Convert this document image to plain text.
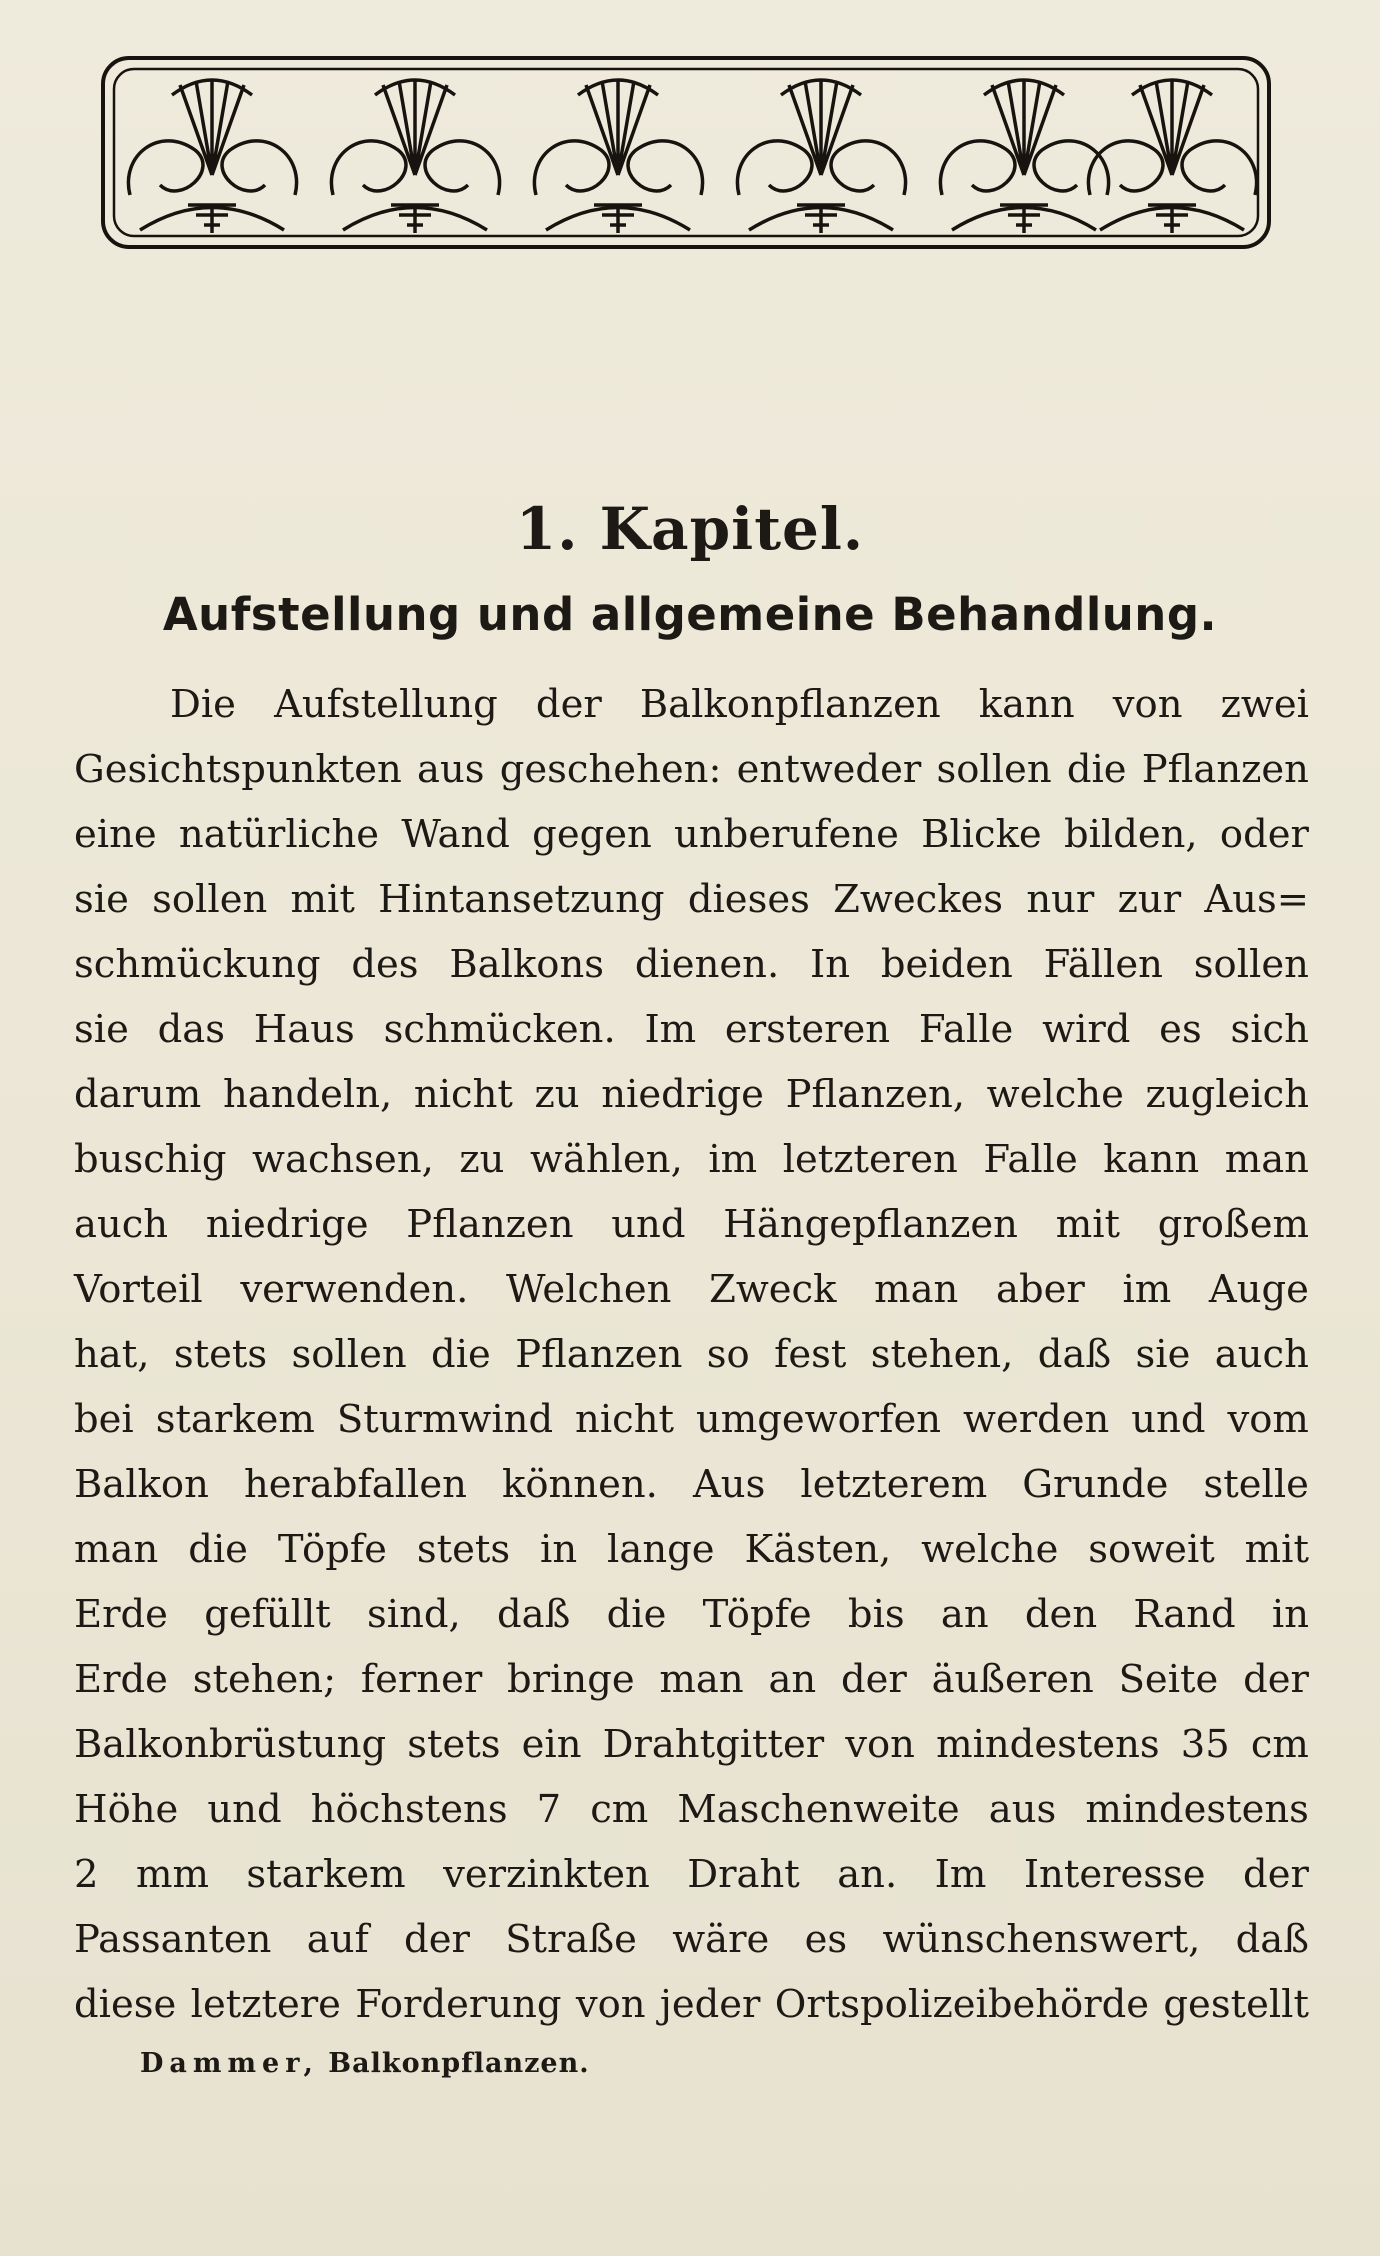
1. Kapitel.
Aufstellung und allgemeine Behandlung.
Die Aufstellung der Balkonpflanzen kann von zwei
Gesichtspunkten aus geschehen: entweder sollen die Pflanzen
eine natürliche Wand gegen unberufene Blicke bilden, oder
sie sollen mit Hintansetzung dieses Zweckes nur zur Aus=
schmückung des Balkons dienen. In beiden Fällen sollen
sie das Haus schmücken. Im ersteren Falle wird es sich
darum handeln, nicht zu niedrige Pflanzen, welche zugleich
buschig wachsen, zu wählen, im letzteren Falle kann man
auch niedrige Pflanzen und Hängepflanzen mit großem
Vorteil verwenden. Welchen Zweck man aber im Auge
hat, stets sollen die Pflanzen so fest stehen, daß sie auch
bei starkem Sturmwind nicht umgeworfen werden und vom
Balkon herabfallen können. Aus letzterem Grunde stelle
man die Töpfe stets in lange Kästen, welche soweit mit
Erde gefüllt sind, daß die Töpfe bis an den Rand in
Erde stehen; ferner bringe man an der äußeren Seite der
Balkonbrüstung stets ein Drahtgitter von mindestens 35 cm
Höhe und höchstens 7 cm Maschenweite aus mindestens
2 mm starkem verzinkten Draht an. Im Interesse der
Passanten auf der Straße wäre es wünschenswert, daß
diese letztere Forderung von jeder Ortspolizeibehörde gestellt
Dammer, Balkonpflanzen.
